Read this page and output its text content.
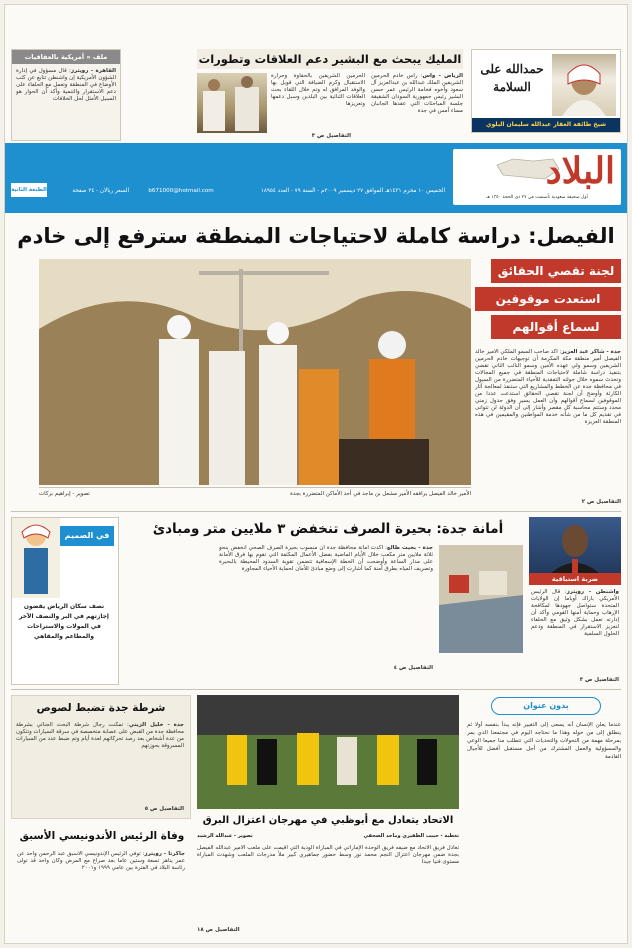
حمدالله على السلامة
شيخ طائفة العقار عبدالله سليمان البلوي
المليك يبحث مع البشير دعم العلاقات وتطورات
الرياض - واس: رأس خادم الحرمين الشريفين الملك عبدالله بن عبدالعزيز آل سعود وأخوه فخامة الرئيس عمر حسن البشير رئيس جمهورية السودان الشقيقة جلسة المباحثات التي عقدها الجانبان مساء أمس في جدة
الحرمين الشريفين بالحفاوة وحرارة الاستقبال وكرم الضيافة التي قوبل بها والوفد المرافق له وتم خلال اللقاء بحث العلاقات الثنائية بين البلدين وسبل دعمها وتعزيزها
التفاصيل ص ٣
ملف « أمريكية بالعقاقيات
القاهرة - رويترز: قال مسؤول في إدارة الشؤون الأمريكية إن واشنطن تتابع عن كثب الأوضاع في المنطقة وتعمل مع الحلفاء على دعم الاستقرار والتنمية وأكد أن الحوار هو السبيل الأمثل لحل الخلافات
البلاد
أول صحيفة سعودية تأسست في ٢٧ ذي الحجة ١٣٥٠ هـ
الخميس ١٠ محرم ١٤٣١هـ الموافق ٢٧ ديسمبر ٢٠٠٩م - السنة ٧٩ - العدد ١٨٩٥٤
b671000@hotmail.com
السعر ريالان - ٢٤ صفحة
الطبعة الثانية
الفيصل: دراسة كاملة لاحتياجات المنطقة سترفع إلى خادم
لجنة تقصي الحقائق
استعدت موقوفين
لسماع أقوالهم
جدة - شاكر عبد العزيز: أكد صاحب السمو الملكي الأمير خالد الفيصل أمير منطقة مكة المكرمة أن توجيهات خادم الحرمين الشريفين وسمو ولي عهده الأمين وسمو النائب الثاني تقضي بتنفيذ دراسة شاملة لاحتياجات المنطقة في جميع المجالات وتحدث سموه خلال جولته التفقدية للأحياء المتضررة من السيول في محافظة جدة عن الخطط والمشاريع التي ستنفذ لمعالجة آثار الكارثة وأوضح أن لجنة تقصي الحقائق استدعت عددا من الموقوفين لسماع أقوالهم وأن العمل يسير وفق جدول زمني محدد وستتم محاسبة كل مقصر وأشار إلى أن الدولة لن تتوانى في تقديم كل ما من شأنه خدمة المواطنين والمقيمين في هذه المنطقة العزيزة
التفاصيل ص ٢
الأمير خالد الفيصل يرافقه الأمير مشعل بن ماجد في أحد الأماكن المتضررة بجدة
تصوير - إبراهيم بركات
ضربة استباقية
واشنطن - رويترز: قال الرئيس الأمريكي باراك أوباما إن الولايات المتحدة ستواصل جهودها لمكافحة الإرهاب وحماية أمنها القومي وأكد أن إدارته تعمل بشكل وثيق مع الحلفاء لتعزيز الاستقرار في المنطقة ودعم الحلول السلمية
التفاصيل ص ٣
أمانة جدة: بحيرة الصرف تنخفض ٣ ملايين متر ومبادئ
جدة - بخيت طالع: أكدت أمانة محافظة جدة أن منسوب بحيرة الصرف الصحي انخفض بنحو ثلاثة ملايين متر مكعب خلال الأيام الماضية بفضل الأعمال المكثفة التي تقوم بها فرق الأمانة على مدار الساعة وأوضحت أن الخطة الإسعافية تتضمن تقوية السدود المحيطة بالبحيرة وتصريف المياه بطرق آمنة كما أشارت إلى وضع مبادئ للأمان لحماية الأحياء المجاورة
التفاصيل ص ٤
في الصميم
نصف سكان الرياض يقضون إجازتهم في البر والنصف الآخر في المولات والاستراحات والمطاعم والمقاهي
شرطة جدة تضبط لصوص
جدة - خليل الزيني: تمكنت رجال شرطة البحث الجنائي بشرطة محافظة جدة من القبض على عصابة متخصصة في سرقة السيارات وتتكون من عدة أشخاص بعد رصد تحركاتهم لعدة أيام وتم ضبط عدد من السيارات المسروقة بحوزتهم
التفاصيل ص ٥
وفاة الرئيس الأندونيسي الأسبق
جاكرتا - رويترز: توفي الرئيس الإندونيسي الأسبق عبد الرحمن واحد عن عمر يناهز تسعة وستين عاما بعد صراع مع المرض وكان واحد قد تولى رئاسة البلاد في الفترة بين عامي ١٩٩٩ و٢٠٠١
الاتحاد يتعادل مع أبوظبي في مهرجان اعتزال البرق
تغطية - حبيب الظفيري وماجد الصحفي
تصوير - عبدالله الرشيد
تعادل فريق الاتحاد مع ضيفه فريق الوحدة الإماراتي في المباراة الودية التي أقيمت على ملعب الأمير عبدالله الفيصل بجدة ضمن مهرجان اعتزال النجم محمد نور وسط حضور جماهيري كبير ملأ مدرجات الملعب وشهدت المباراة مستوى فنيا جيدا
التفاصيل ص ١٨
بدون عنوان
عندما يعلن الإنسان أنه يسعى إلى التغيير فإنه يبدأ بنفسه أولا ثم ينطلق إلى من حوله وهذا ما نحتاجه اليوم في مجتمعنا الذي يمر بمرحلة مهمة من التحولات والتحديات التي تتطلب منا جميعا الوعي والمسؤولية والعمل المشترك من أجل مستقبل أفضل للأجيال القادمة
